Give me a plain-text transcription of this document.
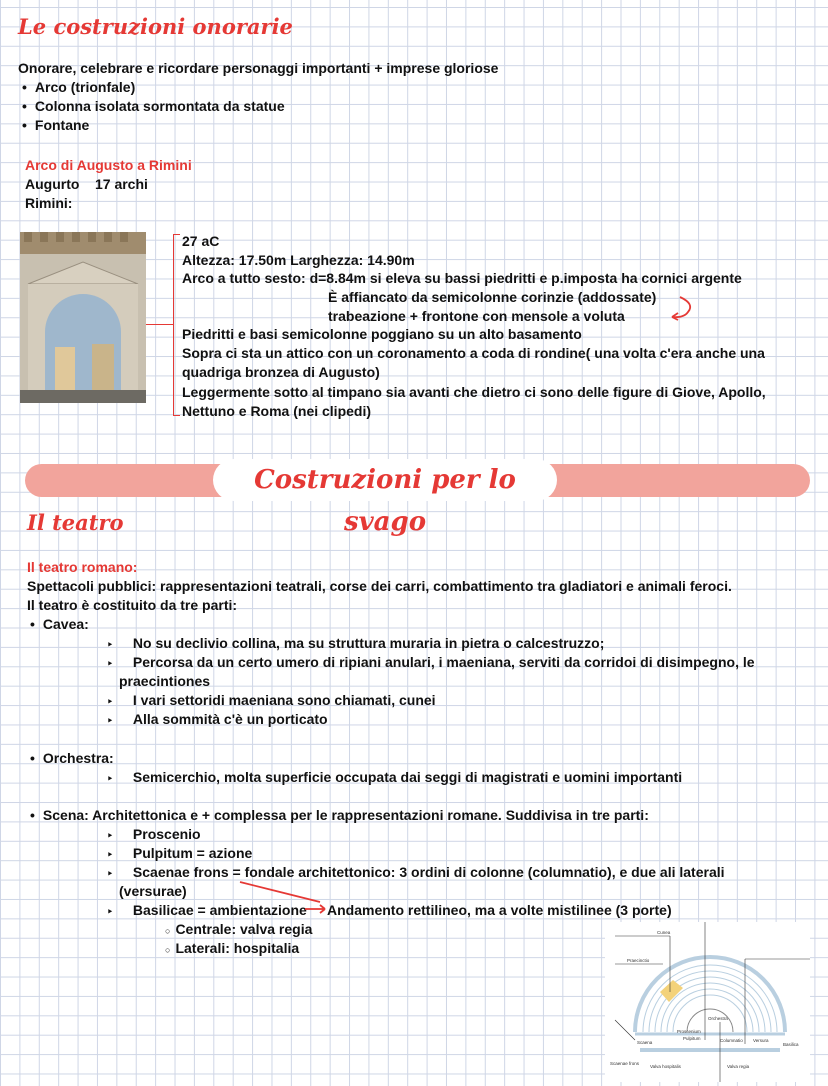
Le costruzioni onorarie
Onorare, celebrare e ricordare personaggi importanti + imprese gloriose
• Arco (trionfale)
• Colonna isolata sormontata da statue
• Fontane
Arco di Augusto a Rimini
Augurto    17 archi
Rimini:
27 aC
Altezza: 17.50m Larghezza: 14.90m
Arco a tutto sesto: d=8.84m si eleva su bassi piedritti e p.imposta ha cornici argente
È affiancato da semicolonne corinzie (addossate)
trabeazione + frontone con mensole a voluta
Piedritti e basi semicolonne poggiano su un alto basamento
Sopra ci sta un attico con un coronamento a coda di rondine( una volta c'era anche una
quadriga bronzea di Augusto)
Leggermente sotto al timpano sia avanti che dietro ci sono delle figure di Giove, Apollo,
Nettuno e Roma (nei clipedi)
Costruzioni per lo svago
Il teatro
Il teatro romano:
Spettacoli pubblici: rappresentazioni teatrali, corse dei carri, combattimento tra gladiatori e animali feroci.
Il teatro è costituito da tre parti:
• Cavea:
‣ No su declivio collina, ma su struttura muraria in pietra o calcestruzzo;
‣ Percorsa da un certo umero di ripiani anulari, i maeniana, serviti da corridoi di disimpegno, le
praecintiones
‣ I vari settoridi maeniana sono chiamati, cunei
‣ Alla sommità c'è un porticato
• Orchestra:
‣ Semicerchio, molta superficie occupata dai seggi di magistrati e uomini importanti
• Scena: Architettonica e + complessa per le rappresentazioni romane. Suddivisa in tre parti:
‣ Proscenio
‣ Pulpitum = azione
‣ Scaenae frons = fondale architettonico: 3 ordini di colonne (columnatio), e due ali laterali
(versurae)
‣ Basilicae = ambientazione Andamento rettilineo, ma a volte mistilinee (3 porte)
○ Centrale: valva regia
○ Laterali: hospitalia
Cunea
Praecinctio
Scaena
Proscenium
Pulpitum
Orchestra
Columnatio Versura
Basilica
Scaenae frons
Valva hospitalis	Valva regia
